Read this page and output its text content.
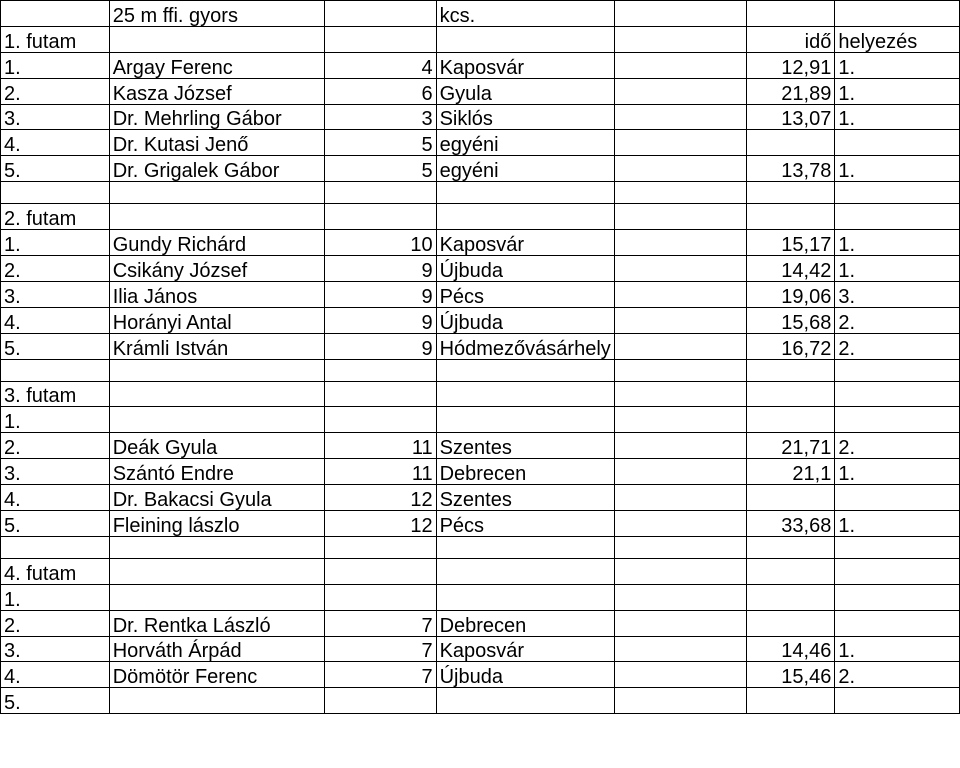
	25 m ffi. gyors		kcs.			
1. futam					idő	helyezés
1.	Argay Ferenc	4	Kaposvár		12,91	1.
2.	Kasza József	6	Gyula		21,89	1.
3.	Dr. Mehrling Gábor	3	Siklós		13,07	1.
4.	Dr. Kutasi Jenő	5	egyéni			
5.	Dr. Grigalek Gábor	5	egyéni		13,78	1.

2. futam						
1.	Gundy Richárd	10	Kaposvár		15,17	1.
2.	Csikány József	9	Újbuda		14,42	1.
3.	Ilia János	9	Pécs		19,06	3.
4.	Horányi Antal	9	Újbuda		15,68	2.
5.	Krámli István	9	Hódmezővásárhely		16,72	2.

3. futam						
1.						
2.	Deák Gyula	11	Szentes		21,71	2.
3.	Szántó Endre	11	Debrecen		21,1	1.
4.	Dr. Bakacsi Gyula	12	Szentes			
5.	Fleining lászlo	12	Pécs		33,68	1.

4. futam						
1.						
2.	Dr. Rentka László	7	Debrecen			
3.	Horváth Árpád	7	Kaposvár		14,46	1.
4.	Dömötör Ferenc	7	Újbuda		15,46	2.
5.						
